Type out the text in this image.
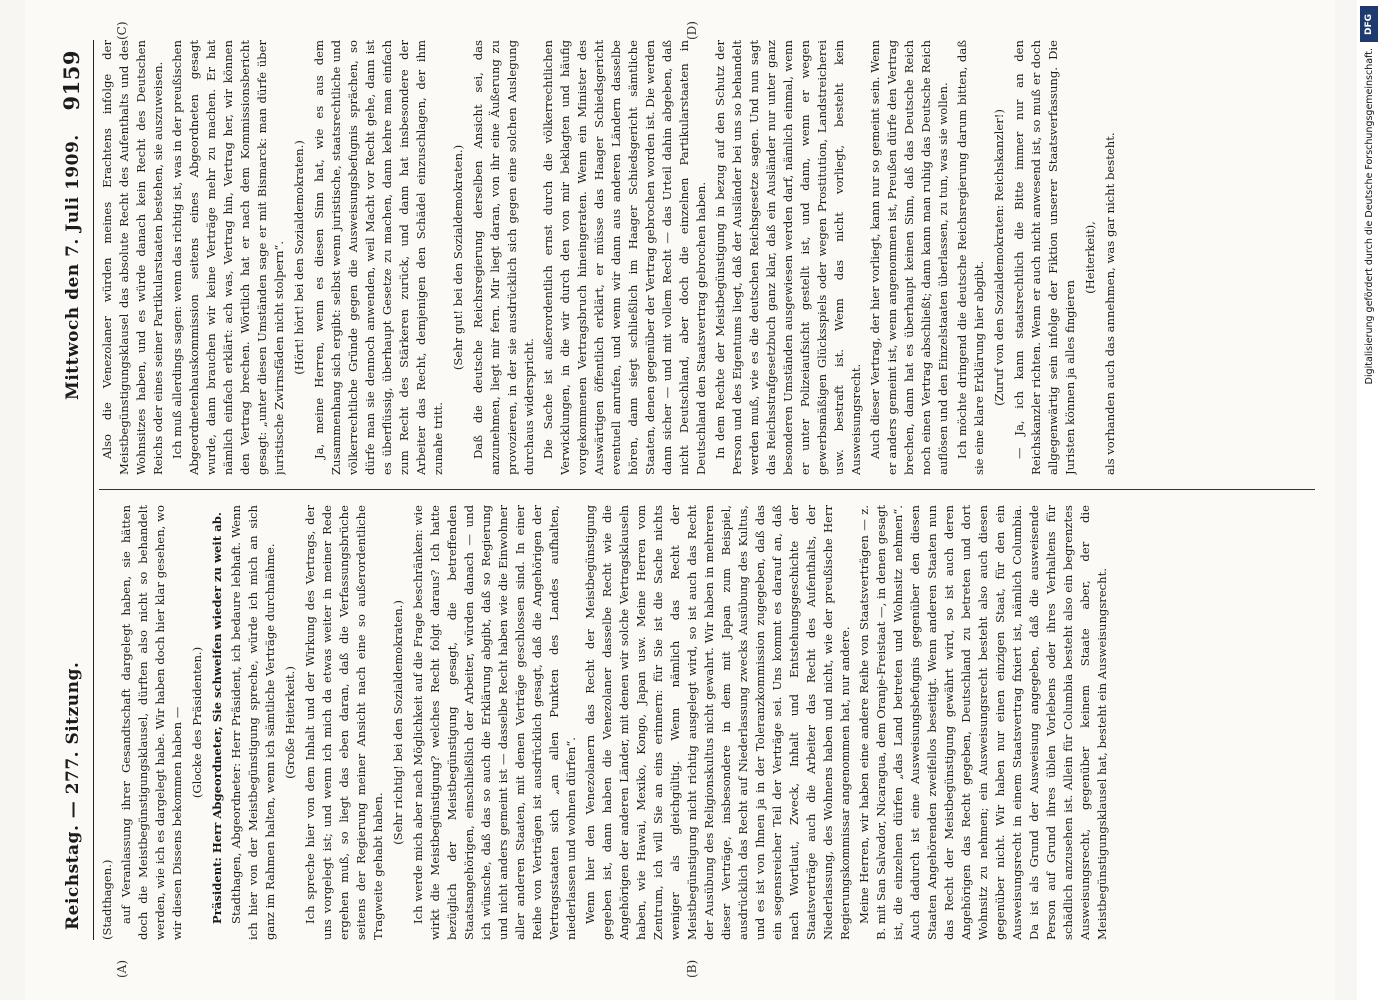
Reichstag. — 277. Sitzung.
Mittwoch den 7. Juli 1909.
9159
(A)	(B)
(C)	(D)

(Stadthagen.) auf Veranlassung ihrer Gesandtschaft dargelegt haben, sie hätten doch die Meistbegünstigungsklausel, dürften also nicht so behandelt werden, wie ich es dargelegt habe. Wir haben doch hier klar gesehen, wo wir diesen Dissens bekommen haben — (Glocke des Präsidenten.) Präsident: Herr Abgeordneter, Sie schweifen wieder zu weit ab. Stadthagen, Abgeordneter: Herr Präsident, ich bedaure lebhaft. Wenn ich hier von der Meistbegünstigung spreche, würde ich mich an sich ganz im Rahmen halten, wenn ich sämtliche Verträge durchnähme. (Große Heiterkeit.) Ich spreche hier von dem Inhalt und der Wirkung des Vertrags, der uns vorgelegt ist; und wenn ich mich da etwas weiter in meiner Rede ergehen muß, so liegt das eben daran, daß die Verfassungsbrüche seitens der Regierung meiner Ansicht nach eine so außerordentliche Tragweite gehabt haben.

(Sehr richtig! bei den Sozialdemokraten.) Ich werde mich aber nach Möglichkeit auf die Frage beschränken: wie wirkt die Meistbegünstigung? welches Recht folgt daraus? Ich hatte bezüglich der Meistbegünstigung gesagt, die betreffenden Staatsangehörigen, einschließlich der Arbeiter, würden danach — und ich wünsche, daß das so auch die Erklärung abgibt, daß so Regierung und nicht anders gemeint ist — dasselbe Recht haben wie die Einwohner aller anderen Staaten, mit denen Verträge geschlossen sind. In einer Reihe von Verträgen ist ausdrücklich gesagt, daß die Angehörigen der Vertragsstaaten sich „an allen Punkten des Landes aufhalten, niederlassen und wohnen dürfen“. Wenn hier den Venezolanern das Recht der Meistbegünstigung gegeben ist, dann haben die Venezolaner dasselbe Recht wie die Angehörigen der anderen Länder, mit denen wir solche Vertragsklauseln haben, wie Hawai, Mexiko, Kongo, Japan usw. Meine Herren vom Zentrum, ich will Sie an eins erinnern: für Sie ist die Sache nichts weniger als gleichgültig. Wenn nämlich das Recht der Meistbegünstigung nicht richtig ausgelegt wird, so ist auch das Recht der Ausübung des Religionskultus nicht gewahrt. Wir haben in mehreren dieser Verträge, insbesondere in dem mit Japan zum Beispiel, ausdrücklich das Recht auf Niederlassung zwecks Ausübung des Kultus, und es ist von Ihnen ja in der Toleranzkommission zugegeben, daß das ein segensreicher Teil der Verträge sei. Uns kommt es darauf an, daß nach Wortlaut, Zweck, Inhalt und Entstehungsgeschichte der Staatsverträge auch die Arbeiter das Recht des Aufenthalts, der Niederlassung, des Wohnens haben und nicht, wie der preußische Herr Regierungskommissar angenommen hat, nur andere. Meine Herren, wir haben eine andere Reihe von Staatsverträgen — z. B. mit San Salvador, Nicaragua, dem Oranje-Freistaat —, in denen gesagt ist, die einzelnen dürfen „das Land betreten und Wohnsitz nehmen“. Auch dadurch ist eine Ausweisungsbefugnis gegenüber den diesen Staaten Angehörenden zweifellos beseitigt. Wenn anderen Staaten nun das Recht der Meistbegünstigung gewährt wird, so ist auch deren Angehörigen das Recht gegeben, Deutschland zu betreten und dort Wohnsitz zu nehmen; ein Ausweisungsrecht besteht also auch diesen gegenüber nicht. Wir haben nur einen einzigen Staat, für den ein Ausweisungsrecht in einem Staatsvertrag fixiert ist, nämlich Columbia. Da ist als Grund der Ausweisung angegeben, daß die ausweisende Person auf Grund ihres üblen Vorlebens oder ihres Verhaltens für schädlich anzusehen ist. Allein für Columbia besteht also ein begrenztes Ausweisungsrecht, gegenüber keinem Staate aber, der die Meistbegünstigungsklausel hat, besteht ein Ausweisungsrecht.

Also die Venezolaner würden meines Erachtens infolge der Meistbegünstigungsklausel das absolute Recht des Aufenthalts und des Wohnsitzes haben, und es würde danach kein Recht des Deutschen Reichs oder eines seiner Partikularstaaten bestehen, sie auszuweisen. Ich muß allerdings sagen: wenn das richtig ist, was in der preußischen Abgeordnetenhauskommission seitens eines Abgeordneten gesagt wurde, dann brauchen wir keine Verträge mehr zu machen. Er hat nämlich einfach erklärt: ach was, Vertrag hin, Vertrag her, wir können den Vertrag brechen. Wörtlich hat er nach dem Kommissionsbericht gesagt: „unter diesen Umständen sage er mit Bismarck: man dürfe über juristische Zwirnsfäden nicht stolpern“. (Hört! hört! bei den Sozialdemokraten.) Ja, meine Herren, wenn es diesen Sinn hat, wie es aus dem Zusammenhang sich ergibt: selbst wenn juristische, staatsrechtliche und völkerrechtliche Gründe gegen die Ausweisungsbefugnis sprächen, so dürfe man sie dennoch anwenden, weil Macht vor Recht gehe, dann ist es überflüssig, überhaupt Gesetze zu machen, dann kehre man einfach zum Recht des Stärkeren zurück, und dann hat insbesondere der Arbeiter das Recht, demjenigen den Schädel einzuschlagen, der ihm zunahe tritt.

(Sehr gut! bei den Sozialdemokraten.) Daß die deutsche Reichsregierung derselben Ansicht sei, das anzunehmen, liegt mir fern. Mir liegt daran, von ihr eine Äußerung zu provozieren, in der sie ausdrücklich sich gegen eine solchen Auslegung durchaus widerspricht. Die Sache ist außerordentlich ernst durch die völkerrechtlichen Verwicklungen, in die wir durch den von mir beklagten und häufig vorgekommenen Vertragsbruch hineingeraten. Wenn ein Minister des Auswärtigen öffentlich erklärt, er müsse das Haager Schiedsgericht eventuell anrufen, und wenn wir dann aus anderen Ländern dasselbe hören, dann siegt schließlich im Haager Schiedsgericht sämtliche Staaten, denen gegenüber der Vertrag gebrochen worden ist. Die werden dann sicher — und mit vollem Recht — das Urteil dahin abgeben, daß nicht Deutschland, aber doch die einzelnen Partikularstaaten in Deutschland den Staatsvertrag gebrochen haben. In dem Rechte der Meistbegünstigung in bezug auf den Schutz der Person und des Eigentums liegt, daß der Ausländer bei uns so behandelt werden muß, wie es die deutschen Reichsgesetze sagen. Und nun sagt das Reichsstrafgesetzbuch ganz klar, daß ein Ausländer nur unter ganz besonderen Umständen ausgewiesen werden darf, nämlich einmal, wenn er unter Polizeiaufsicht gestellt ist, und dann, wenn er wegen gewerbsmäßigen Glücksspiels oder wegen Prostitution, Landstreicherei usw. bestraft ist. Wenn das nicht vorliegt, besteht kein Ausweisungsrecht. Auch dieser Vertrag, der hier vorliegt, kann nur so gemeint sein. Wenn er anders gemeint ist, wenn angenommen ist, Preußen dürfe den Vertrag brechen, dann hat es überhaupt keinen Sinn, daß das Deutsche Reich noch einen Vertrag abschließt; dann kann man ruhig das Deutsche Reich auflösen und den Einzelstaaten überlassen, zu tun, was sie wollen. Ich möchte dringend die deutsche Reichsregierung darum bitten, daß sie eine klare Erklärung hier abgibt. (Zuruf von den Sozialdemokraten: Reichskanzler!) — Ja, ich kann staatsrechtlich die Bitte immer nur an den Reichskanzler richten. Wenn er auch nicht anwesend ist, so muß er doch allgegenwärtig sein infolge der Fiktion unserer Staatsverfassung. Die Juristen können ja alles fingieren

(Heiterkeit), als vorhanden auch das annehmen, was gar nicht besteht.

DFG
Digitalisierung gefördert durch die Deutsche Forschungsgemeinschaft.
